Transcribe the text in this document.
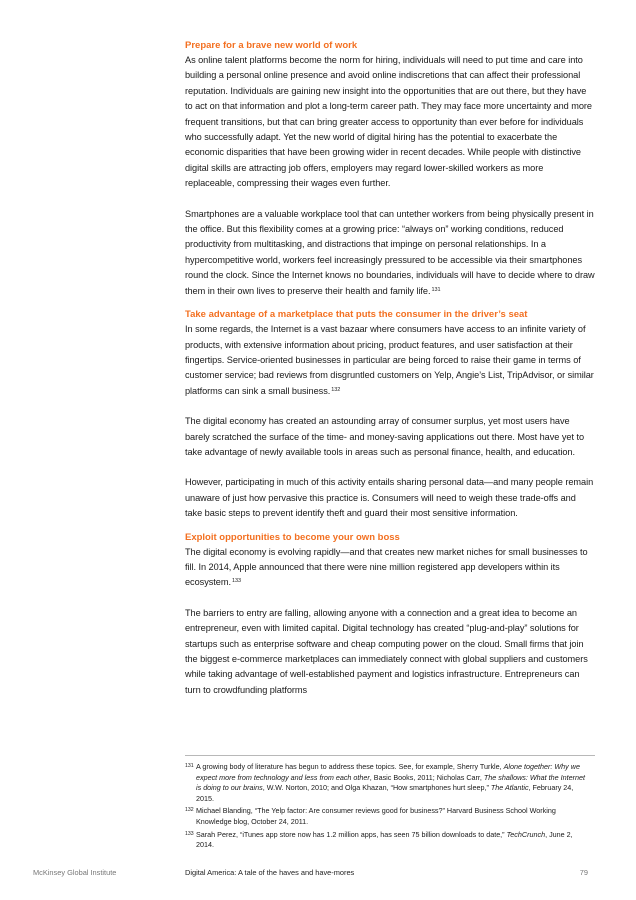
Prepare for a brave new world of work

As online talent platforms become the norm for hiring, individuals will need to put time and care into building a personal online presence and avoid online indiscretions that can affect their professional reputation. Individuals are gaining new insight into the opportunities that are out there, but they have to act on that information and plot a long-term career path. They may face more uncertainty and more frequent transitions, but that can bring greater access to opportunity than ever before for individuals who successfully adapt. Yet the new world of digital hiring has the potential to exacerbate the economic disparities that have been growing wider in recent decades. While people with distinctive digital skills are attracting job offers, employers may regard lower-skilled workers as more replaceable, compressing their wages even further.

Smartphones are a valuable workplace tool that can untether workers from being physically present in the office. But this flexibility comes at a growing price: “always on” working conditions, reduced productivity from multitasking, and distractions that impinge on personal relationships. In a hypercompetitive world, workers feel increasingly pressured to be accessible via their smartphones round the clock. Since the Internet knows no boundaries, individuals will have to decide where to draw them in their own lives to preserve their health and family life.$^{131}$

Take advantage of a marketplace that puts the consumer in the driver’s seat

In some regards, the Internet is a vast bazaar where consumers have access to an infinite variety of products, with extensive information about pricing, product features, and user satisfaction at their fingertips. Service-oriented businesses in particular are being forced to raise their game in terms of customer service; bad reviews from disgruntled customers on Yelp, Angie’s List, TripAdvisor, or similar platforms can sink a small business.$^{132}$

The digital economy has created an astounding array of consumer surplus, yet most users have barely scratched the surface of the time- and money-saving applications out there. Most have yet to take advantage of newly available tools in areas such as personal finance, health, and education.

However, participating in much of this activity entails sharing personal data—and many people remain unaware of just how pervasive this practice is. Consumers will need to weigh these trade-offs and take basic steps to prevent identify theft and guard their most sensitive information.

Exploit opportunities to become your own boss

The digital economy is evolving rapidly—and that creates new market niches for small businesses to fill. In 2014, Apple announced that there were nine million registered app developers within its ecosystem.$^{133}$

The barriers to entry are falling, allowing anyone with a connection and a great idea to become an entrepreneur, even with limited capital. Digital technology has created “plug-and-play” solutions for startups such as enterprise software and cheap computing power on the cloud. Small firms that join the biggest e-commerce marketplaces can immediately connect with global suppliers and customers while taking advantage of well-established payment and logistics infrastructure. Entrepreneurs can turn to crowdfunding platforms

131 A growing body of literature has begun to address these topics. See, for example, Sherry Turkle, Alone together: Why we expect more from technology and less from each other, Basic Books, 2011; Nicholas Carr, The shallows: What the Internet is doing to our brains, W.W. Norton, 2010; and Olga Khazan, “How smartphones hurt sleep,” The Atlantic, February 24, 2015.
132 Michael Blanding, “The Yelp factor: Are consumer reviews good for business?” Harvard Business School Working Knowledge blog, October 24, 2011.
133 Sarah Perez, “iTunes app store now has 1.2 million apps, has seen 75 billion downloads to date,” TechCrunch, June 2, 2014.
McKinsey Global Institute	Digital America: A tale of the haves and have-mores	79
